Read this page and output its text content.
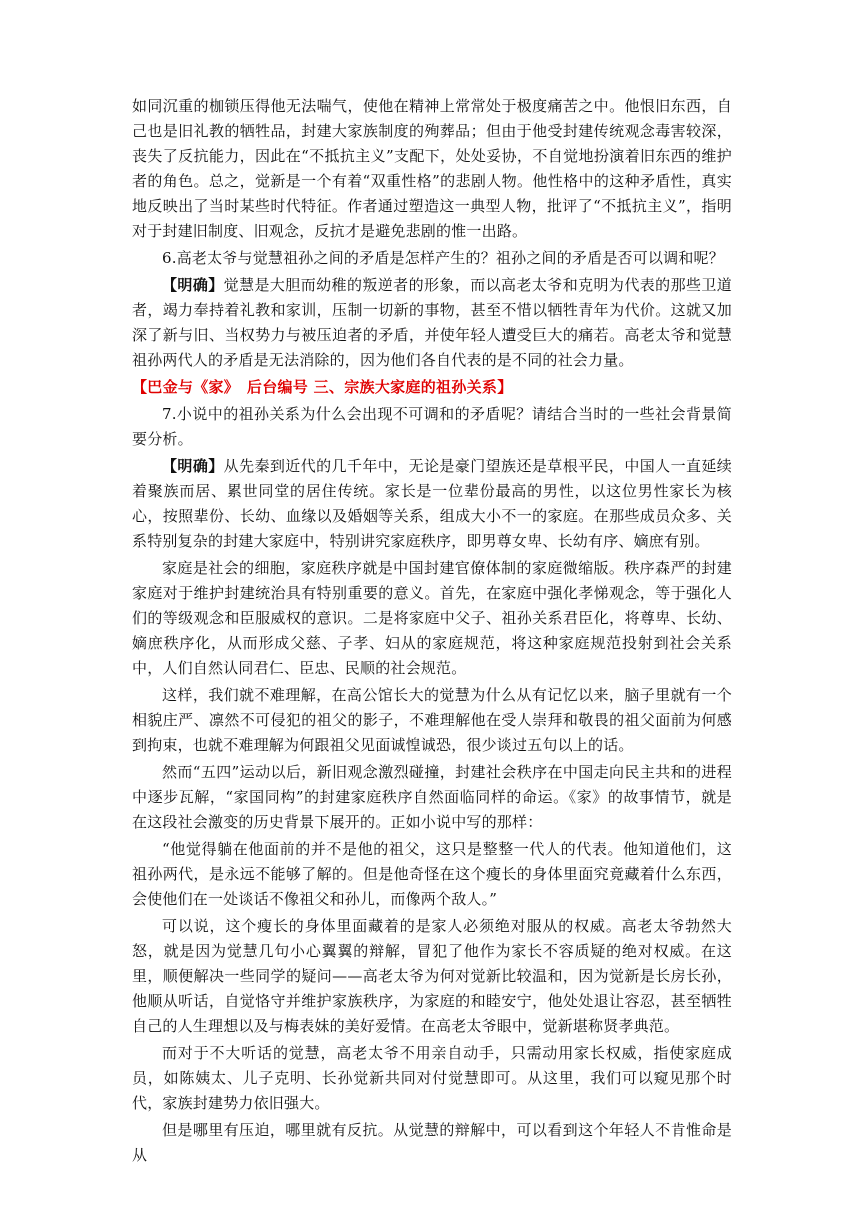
如同沉重的枷锁压得他无法喘气，使他在精神上常常处于极度痛苦之中。他恨旧东西，自己也是旧礼教的牺牲品，封建大家族制度的殉葬品；但由于他受封建传统观念毒害较深，丧失了反抗能力，因此在“不抵抗主义”支配下，处处妥协，不自觉地扮演着旧东西的维护者的角色。总之，觉新是一个有着“双重性格”的悲剧人物。他性格中的这种矛盾性，真实地反映出了当时某些时代特征。作者通过塑造这一典型人物，批评了“不抵抗主义”，指明对于封建旧制度、旧观念，反抗才是避免悲剧的惟一出路。

6.高老太爷与觉慧祖孙之间的矛盾是怎样产生的？祖孙之间的矛盾是否可以调和呢？

【明确】觉慧是大胆而幼稚的叛逆者的形象，而以高老太爷和克明为代表的那些卫道者，竭力奉持着礼教和家训，压制一切新的事物，甚至不惜以牺牲青年为代价。这就又加深了新与旧、当权势力与被压迫者的矛盾，并使年轻人遭受巨大的痛若。高老太爷和觉慧祖孙两代人的矛盾是无法消除的，因为他们各自代表的是不同的社会力量。

【巴金与《家》　后台编号 三、宗族大家庭的祖孙关系】

7.小说中的祖孙关系为什么会出现不可调和的矛盾呢？请结合当时的一些社会背景简要分析。

【明确】从先秦到近代的几千年中，无论是豪门望族还是草根平民，中国人一直延续着聚族而居、累世同堂的居住传统。家长是一位辈份最高的男性，以这位男性家长为核心，按照辈份、长幼、血缘以及婚姻等关系，组成大小不一的家庭。在那些成员众多、关系特别复杂的封建大家庭中，特别讲究家庭秩序，即男尊女卑、长幼有序、嫡庶有别。

家庭是社会的细胞，家庭秩序就是中国封建官僚体制的家庭微缩版。秩序森严的封建家庭对于维护封建统治具有特别重要的意义。首先，在家庭中强化孝悌观念，等于强化人们的等级观念和臣服威权的意识。二是将家庭中父子、祖孙关系君臣化，将尊卑、长幼、嫡庶秩序化，从而形成父慈、子孝、妇从的家庭规范，将这种家庭规范投射到社会关系中，人们自然认同君仁、臣忠、民顺的社会规范。

这样，我们就不难理解，在高公馆长大的觉慧为什么从有记忆以来，脑子里就有一个相貌庄严、凛然不可侵犯的祖父的影子，不难理解他在受人崇拜和敬畏的祖父面前为何感到拘束，也就不难理解为何跟祖父见面诚惶诚恐，很少谈过五句以上的话。

然而“五四”运动以后，新旧观念激烈碰撞，封建社会秩序在中国走向民主共和的进程中逐步瓦解，“家国同构”的封建家庭秩序自然面临同样的命运。《家》的故事情节，就是在这段社会激变的历史背景下展开的。正如小说中写的那样：

“他觉得躺在他面前的并不是他的祖父，这只是整整一代人的代表。他知道他们，这祖孙两代，是永远不能够了解的。但是他奇怪在这个瘦长的身体里面究竟藏着什么东西，会使他们在一处谈话不像祖父和孙儿，而像两个敌人。”

可以说，这个瘦长的身体里面藏着的是家人必须绝对服从的权威。高老太爷勃然大怒，就是因为觉慧几句小心翼翼的辩解，冒犯了他作为家长不容质疑的绝对权威。在这里，顺便解决一些同学的疑问——高老太爷为何对觉新比较温和，因为觉新是长房长孙，他顺从听话，自觉恪守并维护家族秩序，为家庭的和睦安宁，他处处退让容忍，甚至牺牲自己的人生理想以及与梅表妹的美好爱情。在高老太爷眼中，觉新堪称贤孝典范。

而对于不大听话的觉慧，高老太爷不用亲自动手，只需动用家长权威，指使家庭成员，如陈姨太、儿子克明、长孙觉新共同对付觉慧即可。从这里，我们可以窥见那个时代，家族封建势力依旧强大。

但是哪里有压迫，哪里就有反抗。从觉慧的辩解中，可以看到这个年轻人不肯惟命是从
